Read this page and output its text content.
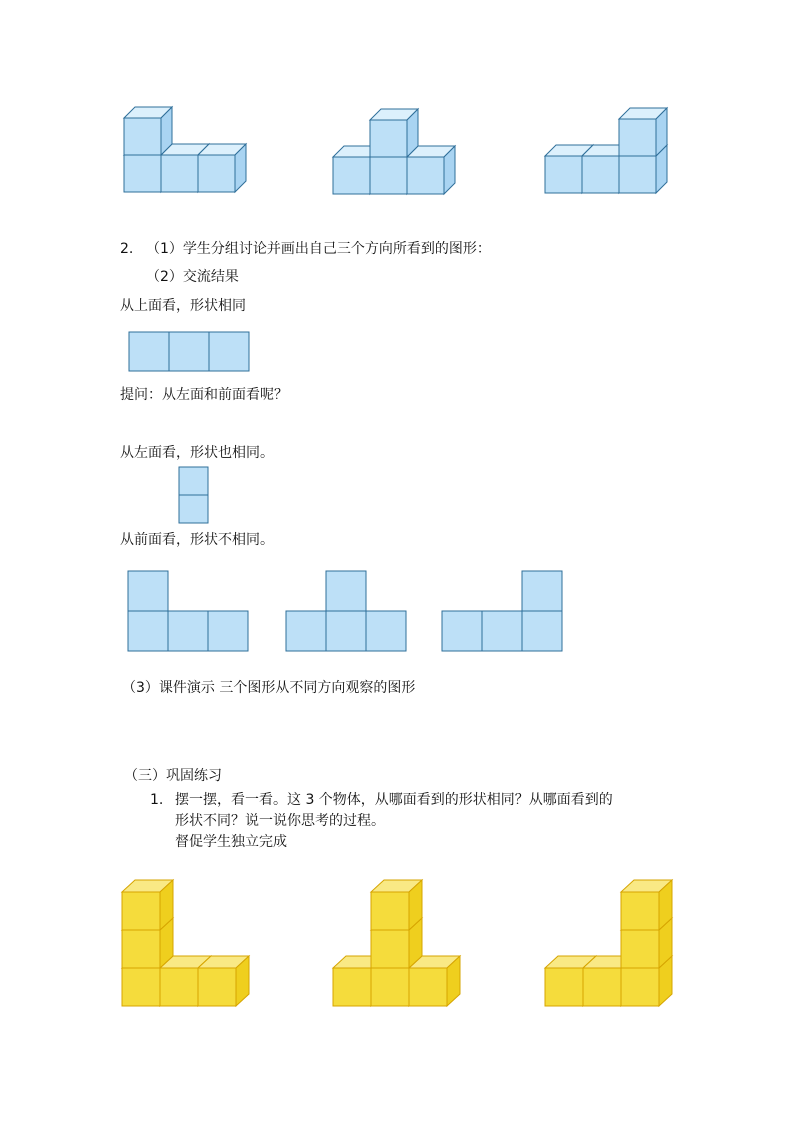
2. （1）学生分组讨论并画出自己三个方向所看到的图形：
（2）交流结果
从上面看，形状相同
提问：从左面和前面看呢？
从左面看，形状也相同。
从前面看，形状不相同。
（3）课件演示 三个图形从不同方向观察的图形
（三）巩固练习
1. 摆一摆，看一看。这 3 个物体，从哪面看到的形状相同？从哪面看到的
形状不同？说一说你思考的过程。
督促学生独立完成
